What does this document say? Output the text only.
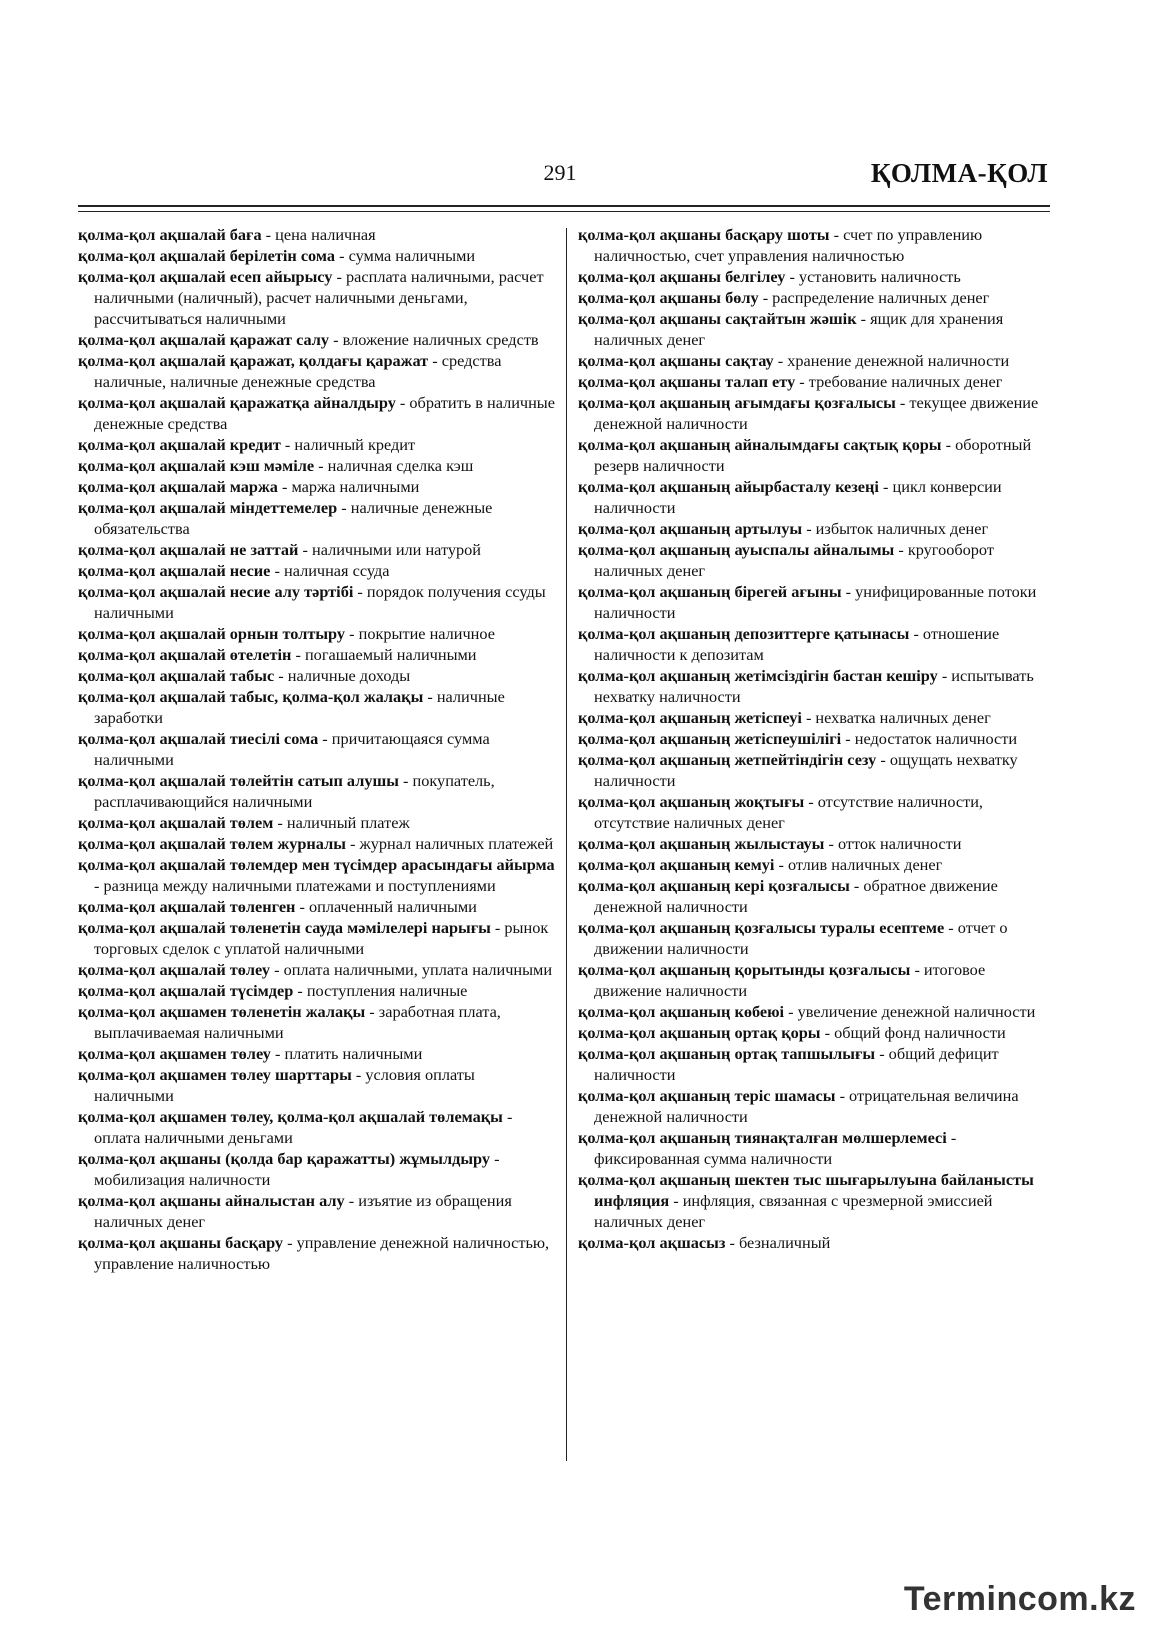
291	ҚОЛМА-ҚОЛ
қолма-қол ақшалай баға - цена наличная
қолма-қол ақшалай берілетін сома - сумма наличными
қолма-қол ақшалай есеп айырысу - расплата наличными, расчет наличными (наличный), расчет наличными деньгами, рассчитываться наличными
қолма-қол ақшалай қаражат салу - вложение наличных средств
қолма-қол ақшалай қаражат, қолдағы қаражат - средства наличные, наличные денежные средства
қолма-қол ақшалай қаражатқа айналдыру - обратить в наличные денежные средства
қолма-қол ақшалай кредит - наличный кредит
қолма-қол ақшалай кэш мәміле - наличная сделка кэш
қолма-қол ақшалай маржа - маржа наличными
қолма-қол ақшалай міндеттемелер - наличные денежные обязательства
қолма-қол ақшалай не заттай - наличными или натурой
қолма-қол ақшалай несие - наличная ссуда
қолма-қол ақшалай несие алу тәртібі - порядок получения ссуды наличными
қолма-қол ақшалай орнын толтыру - покрытие наличное
қолма-қол ақшалай өтелетін - погашаемый наличными
қолма-қол ақшалай табыс - наличные доходы
қолма-қол ақшалай табыс, қолма-қол жалақы - наличные заработки
қолма-қол ақшалай тиесілі сома - причитающаяся сумма наличными
қолма-қол ақшалай төлейтін сатып алушы - покупатель, расплачивающийся наличными
қолма-қол ақшалай төлем - наличный платеж
қолма-қол ақшалай төлем журналы - журнал наличных платежей
қолма-қол ақшалай төлемдер мен түсімдер арасындағы айырма - разница между наличными платежами и поступлениями
қолма-қол ақшалай төленген - оплаченный наличными
қолма-қол ақшалай төленетін сауда мәмілелері нарығы - рынок торговых сделок с уплатой наличными
қолма-қол ақшалай төлеу - оплата наличными, уплата наличными
қолма-қол ақшалай түсімдер - поступления наличные
қолма-қол ақшамен төленетін жалақы - заработная плата, выплачиваемая наличными
қолма-қол ақшамен төлеу - платить наличными
қолма-қол ақшамен төлеу шарттары - условия оплаты наличными
қолма-қол ақшамен төлеу, қолма-қол ақшалай төлемақы - оплата наличными деньгами
қолма-қол ақшаны (қолда бар қаражатты) жұмылдыру - мобилизация наличности
қолма-қол ақшаны айналыстан алу - изъятие из обращения наличных денег
қолма-қол ақшаны басқару - управление денежной наличностью, управление наличностью
қолма-қол ақшаны басқару шоты - счет по управлению наличностью, счет управления наличностью
қолма-қол ақшаны белгілеу - установить наличность
қолма-қол ақшаны бөлу - распределение наличных денег
қолма-қол ақшаны сақтайтын жәшік - ящик для хранения наличных денег
қолма-қол ақшаны сақтау - хранение денежной наличности
қолма-қол ақшаны талап ету - требование наличных денег
қолма-қол ақшаның ағымдағы қозғалысы - текущее движение денежной наличности
қолма-қол ақшаның айналымдағы сақтық қоры - оборотный резерв наличности
қолма-қол ақшаның айырбасталу кезеңі - цикл конверсии наличности
қолма-қол ақшаның артылуы - избыток наличных денег
қолма-қол ақшаның ауыспалы айналымы - кругооборот наличных денег
қолма-қол ақшаның бірегей ағыны - унифицированные потоки наличности
қолма-қол ақшаның депозиттерге қатынасы - отношение наличности к депозитам
қолма-қол ақшаның жетімсіздігін бастан кешіру - испытывать нехватку наличности
қолма-қол ақшаның жетіспеуі - нехватка наличных денег
қолма-қол ақшаның жетіспеушілігі - недостаток наличности
қолма-қол ақшаның жетпейтіндігін сезу - ощущать нехватку наличности
қолма-қол ақшаның жоқтығы - отсутствие наличности, отсутствие наличных денег
қолма-қол ақшаның жылыстауы - отток наличности
қолма-қол ақшаның кемуі - отлив наличных денег
қолма-қол ақшаның кері қозғалысы - обратное движение денежной наличности
қолма-қол ақшаның қозғалысы туралы есептеме - отчет о движении наличности
қолма-қол ақшаның қорытынды қозғалысы - итоговое движение наличности
қолма-қол ақшаның көбеюі - увеличение денежной наличности
қолма-қол ақшаның ортақ қоры - общий фонд наличности
қолма-қол ақшаның ортақ тапшылығы - общий дефицит наличности
қолма-қол ақшаның теріс шамасы - отрицательная величина денежной наличности
қолма-қол ақшаның тиянақталған мөлшерлемесі - фиксированная сумма наличности
қолма-қол ақшаның шектен тыс шығарылуына байланысты инфляция - инфляция, связанная с чрезмерной эмиссией наличных денег
қолма-қол ақшасыз - безналичный
Termincom.kz
